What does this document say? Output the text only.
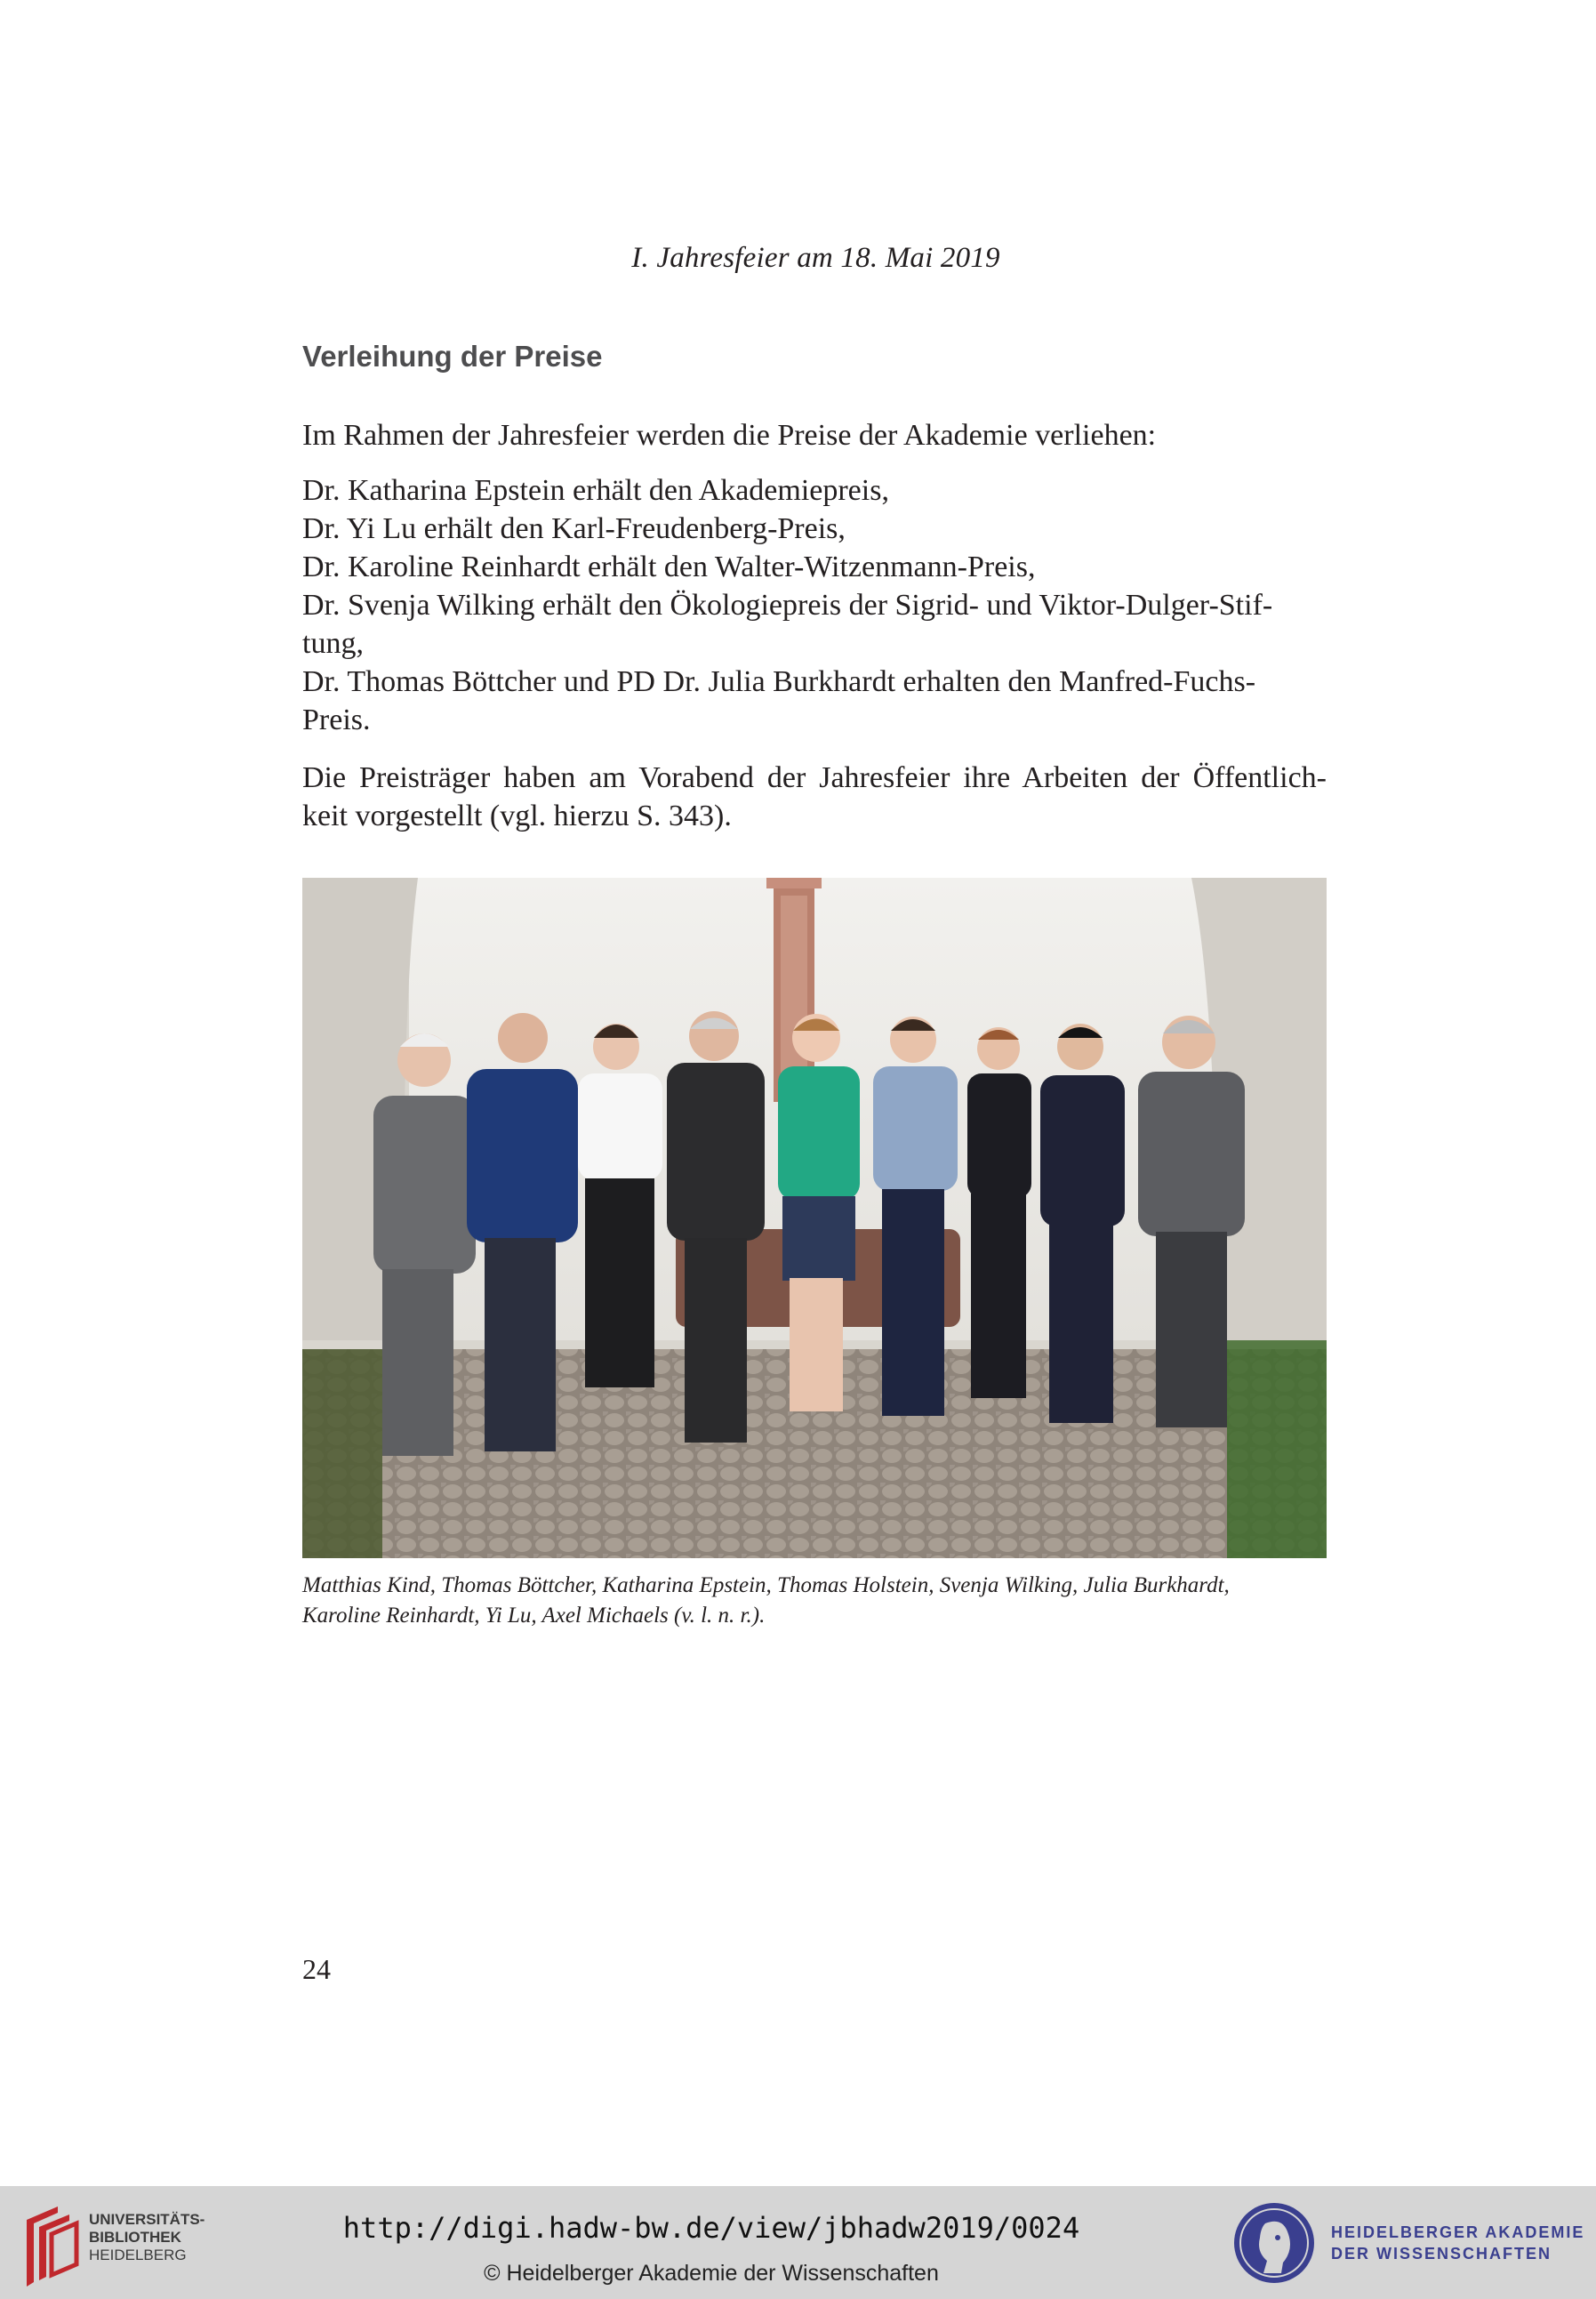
I. Jahresfeier am 18. Mai 2019
Verleihung der Preise
Im Rahmen der Jahresfeier werden die Preise der Akademie verliehen:
Dr. Katharina Epstein erhält den Akademiepreis,
Dr. Yi Lu erhält den Karl-Freudenberg-Preis,
Dr. Karoline Reinhardt erhält den Walter-Witzenmann-Preis,
Dr. Svenja Wilking erhält den Ökologiepreis der Sigrid- und Viktor-Dulger-Stif-
tung,
Dr. Thomas Böttcher und PD Dr. Julia Burkhardt erhalten den Manfred-Fuchs-
Preis.
Die Preisträger haben am Vorabend der Jahresfeier ihre Arbeiten der Öffentlich-
keit vorgestellt (vgl. hierzu S. 343).
Matthias Kind, Thomas Böttcher, Katharina Epstein, Thomas Holstein, Svenja Wilking, Julia Burkhardt,
Karoline Reinhardt, Yi Lu, Axel Michaels (v. l. n. r.).
24
UNIVERSITÄTS-
BIBLIOTHEK
HEIDELBERG
http://digi.hadw-bw.de/view/jbhadw2019/0024
© Heidelberger Akademie der Wissenschaften
HEIDELBERGER AKADEMIE
DER WISSENSCHAFTEN
